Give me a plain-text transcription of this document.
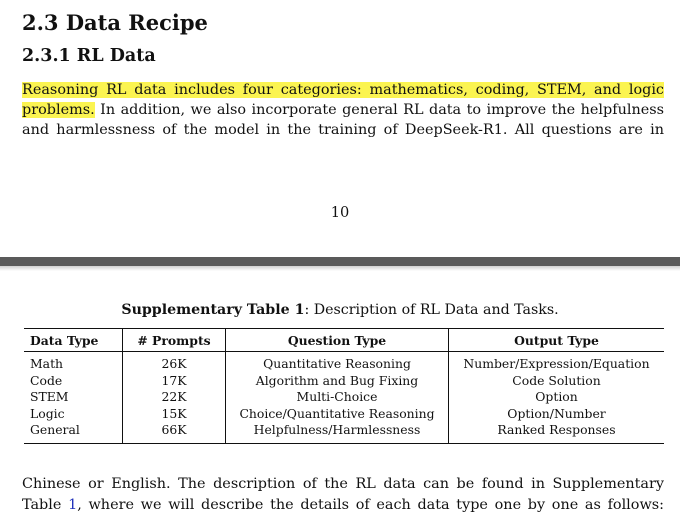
2.3 Data Recipe
2.3.1 RL Data

Reasoning RL data includes four categories: mathematics, coding, STEM, and logic

problems. In addition, we also incorporate general RL data to improve the helpfulness

and harmlessness of the model in the training of DeepSeek-R1. All questions are in

10
Supplementary Table 1: Description of RL Data and Tasks.
Data Type	# Prompts	Question Type	Output Type
Math	26K	Quantitative Reasoning	Number/Expression/Equation
Code	17K	Algorithm and Bug Fixing	Code Solution
STEM	22K	Multi-Choice	Option
Logic	15K	Choice/Quantitative Reasoning	Option/Number
General	66K	Helpfulness/Harmlessness	Ranked Responses

Chinese or English. The description of the RL data can be found in Supplementary

Table 1, where we will describe the details of each data type one by one as follows:
